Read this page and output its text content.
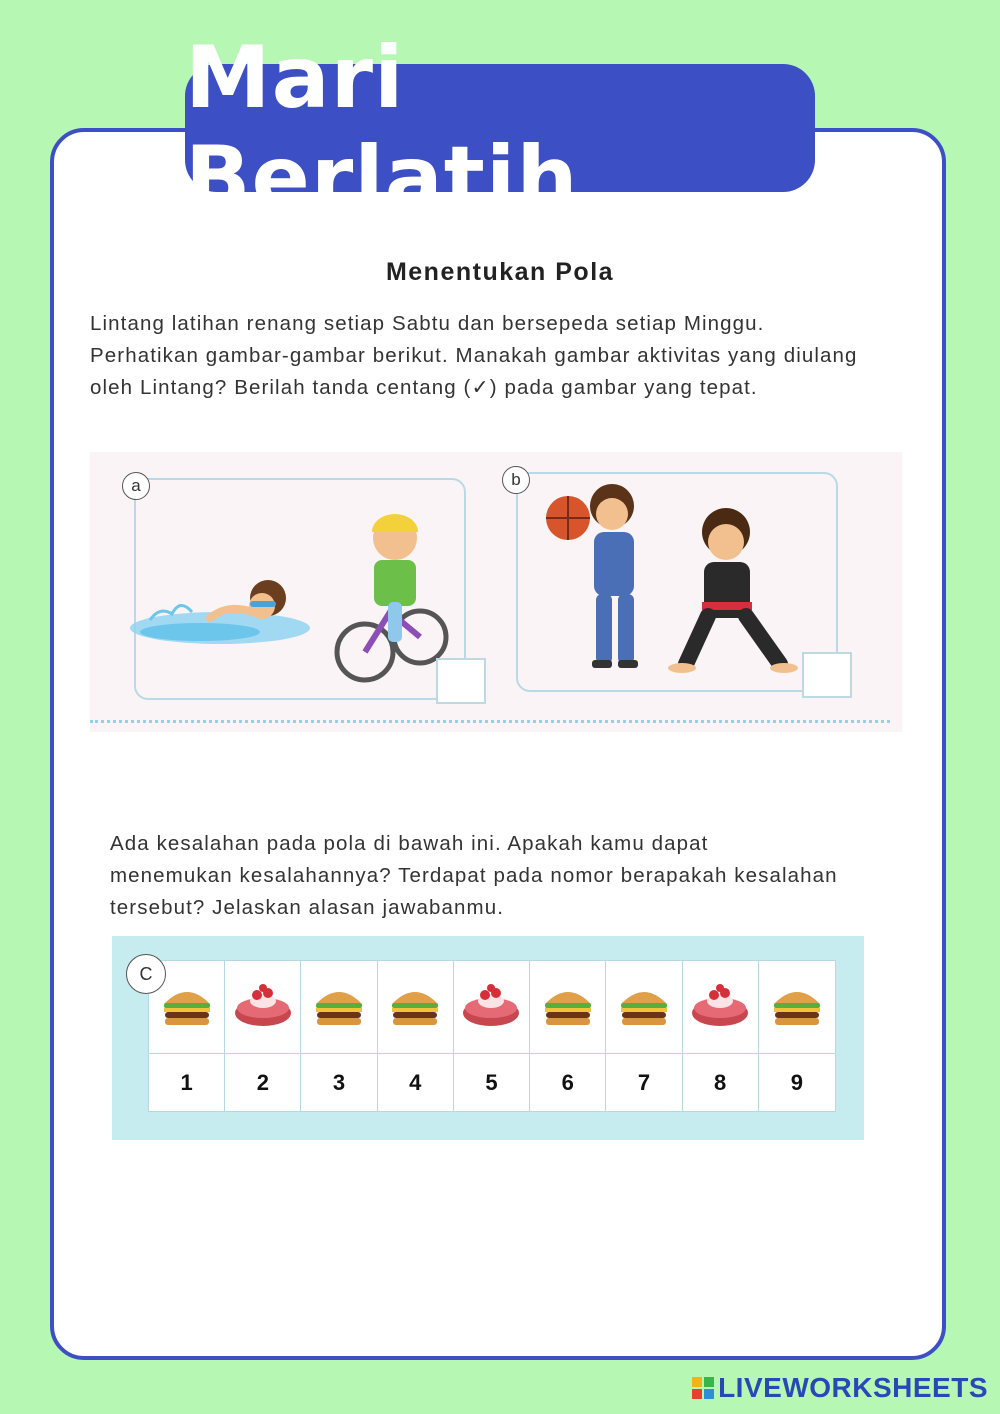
Mari Berlatih
Menentukan Pola

Lintang latihan renang setiap Sabtu dan bersepeda setiap Minggu.

Perhatikan gambar-gambar berikut. Manakah gambar aktivitas yang diulang

oleh Lintang? Berilah tanda centang (✓) pada gambar yang tepat.

a	b

Ada kesalahan pada pola di bawah ini. Apakah kamu dapat

menemukan kesalahannya? Terdapat pada nomor berapakah kesalahan

tersebut? Jelaskan alasan jawabanmu.

1	2	3	4	5	6	7	8	9
C
LIVEWORKSHEETS
